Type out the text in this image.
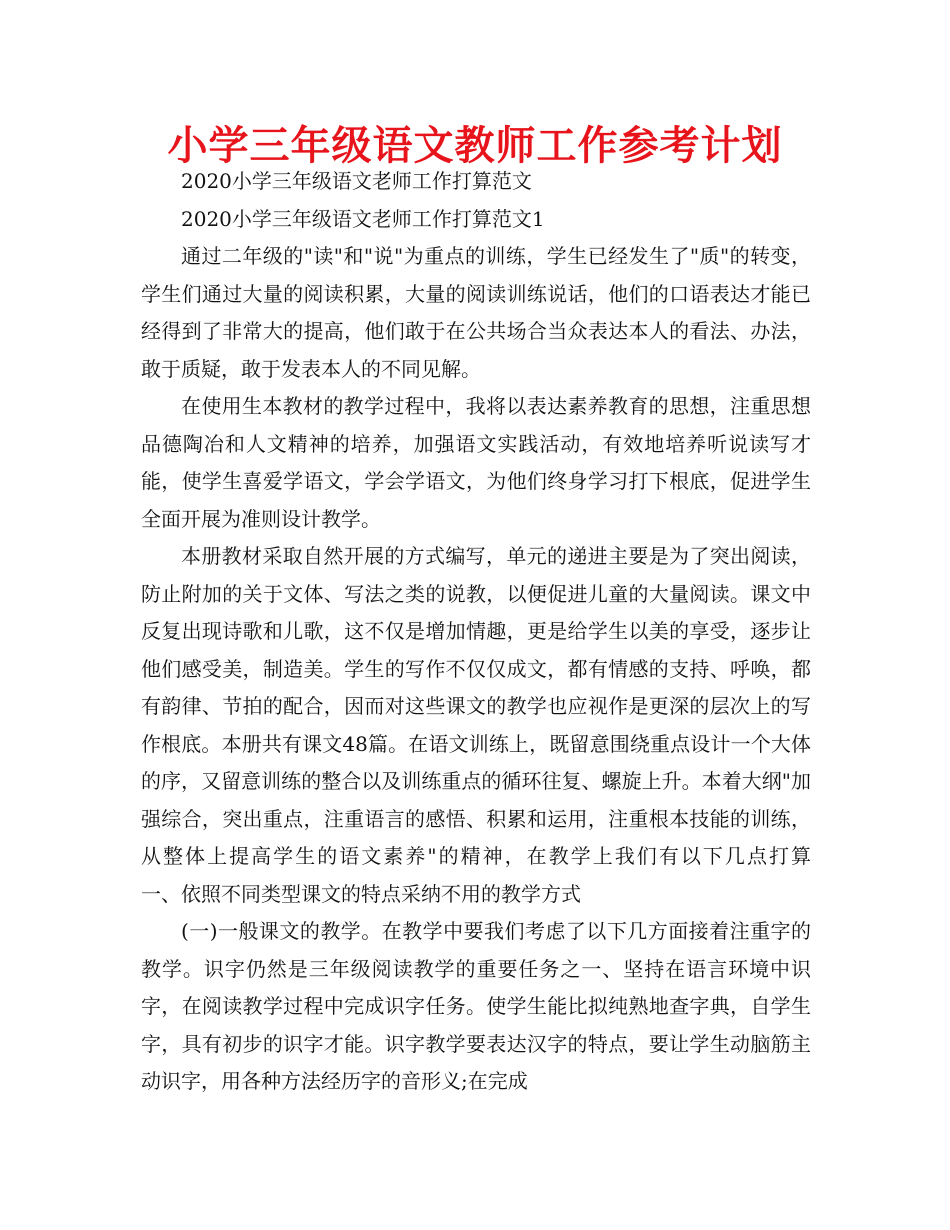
小学三年级语文教师工作参考计划

2020小学三年级语文老师工作打算范文

2020小学三年级语文老师工作打算范文1

通过二年级的"读"和"说"为重点的训练，学生已经发生了"质"的转变，学生们通过大量的阅读积累，大量的阅读训练说话，他们的口语表达才能已经得到了非常大的提高，他们敢于在公共场合当众表达本人的看法、办法，敢于质疑，敢于发表本人的不同见解。

在使用生本教材的教学过程中，我将以表达素养教育的思想，注重思想品德陶冶和人文精神的培养，加强语文实践活动，有效地培养听说读写才能，使学生喜爱学语文，学会学语文，为他们终身学习打下根底，促进学生全面开展为准则设计教学。

本册教材采取自然开展的方式编写，单元的递进主要是为了突出阅读，防止附加的关于文体、写法之类的说教，以便促进儿童的大量阅读。课文中反复出现诗歌和儿歌，这不仅是增加情趣，更是给学生以美的享受，逐步让他们感受美，制造美。学生的写作不仅仅成文，都有情感的支持、呼唤，都有韵律、节拍的配合，因而对这些课文的教学也应视作是更深的层次上的写作根底。本册共有课文48篇。在语文训练上，既留意围绕重点设计一个大体的序，又留意训练的整合以及训练重点的循环往复、螺旋上升。本着大纲"加强综合，突出重点，注重语言的感悟、积累和运用，注重根本技能的训练，从整体上提高学生的语文素养"的精神，在教学上我们有以下几点打算　　一、依照不同类型课文的特点采纳不用的教学方式

(一)一般课文的教学。在教学中要我们考虑了以下几方面接着注重字的教学。识字仍然是三年级阅读教学的重要任务之一、坚持在语言环境中识字，在阅读教学过程中完成识字任务。使学生能比拟纯熟地查字典，自学生字，具有初步的识字才能。识字教学要表达汉字的特点，要让学生动脑筋主动识字，用各种方法经历字的音形义;在完成
